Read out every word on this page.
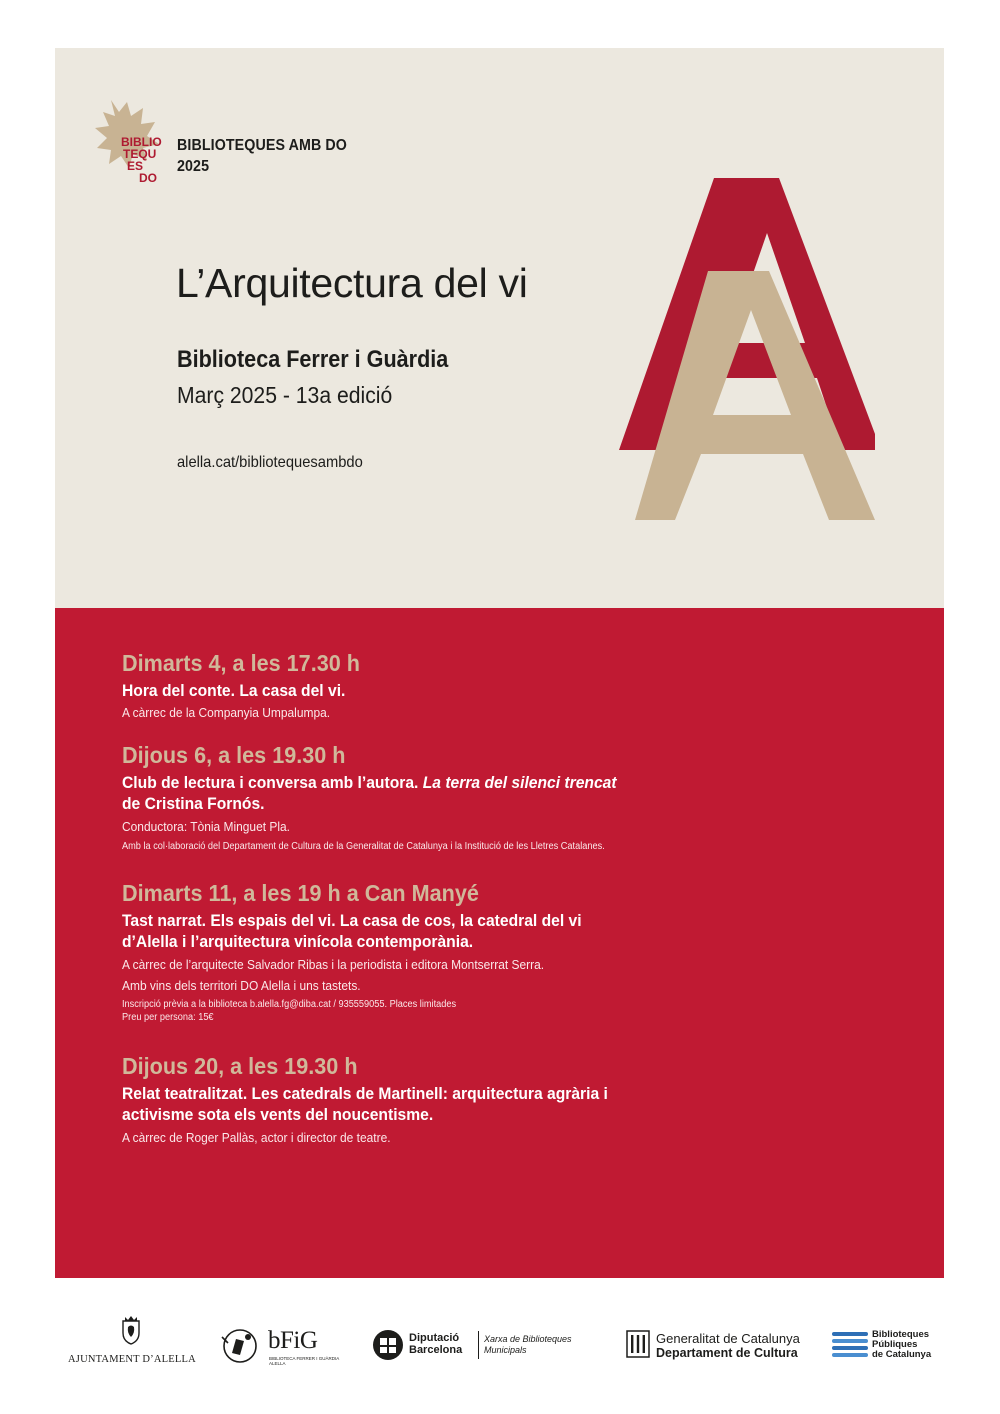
BIBLIO
TEQU
ES
DO
BIBLIOTEQUES AMB DO
2025
L’Arquitectura del vi
Biblioteca Ferrer i Guàrdia
Març 2025 - 13a edició
alella.cat/bibliotequesambdo
Dimarts 4, a les 17.30 h
Hora del conte. La casa del vi.
A càrrec de la Companyia Umpalumpa.
Dijous 6, a les 19.30 h
Club de lectura i conversa amb l’autora. La terra del silenci trencat
de Cristina Fornós.
Conductora: Tònia Minguet Pla.
Amb la col·laboració del Departament de Cultura de la Generalitat de Catalunya i la Institució de les Lletres Catalanes.
Dimarts 11, a les 19 h a Can Manyé
Tast narrat. Els espais del vi. La casa de cos, la catedral del vi
d’Alella i l’arquitectura vinícola contemporània.
A càrrec de l’arquitecte Salvador Ribas i la periodista i editora Montserrat Serra.
Amb vins dels territori DO Alella i uns tastets.
Inscripció prèvia a la biblioteca b.alella.fg@diba.cat / 935559055. Places limitades
Preu per persona: 15€
Dijous 20, a les 19.30 h
Relat teatralitzat. Les catedrals de Martinell: arquitectura agrària i
activisme sota els vents del noucentisme.
A càrrec de Roger Pallàs, actor i director de teatre.
AJUNTAMENT D’ALELLA
bFiG
BIBLIOTECA FERRER I GUÀRDIA
ALELLA
Diputació
Barcelona
Xarxa de Biblioteques
Municipals
Generalitat de Catalunya
Departament de Cultura
Biblioteques
Públiques
de Catalunya
